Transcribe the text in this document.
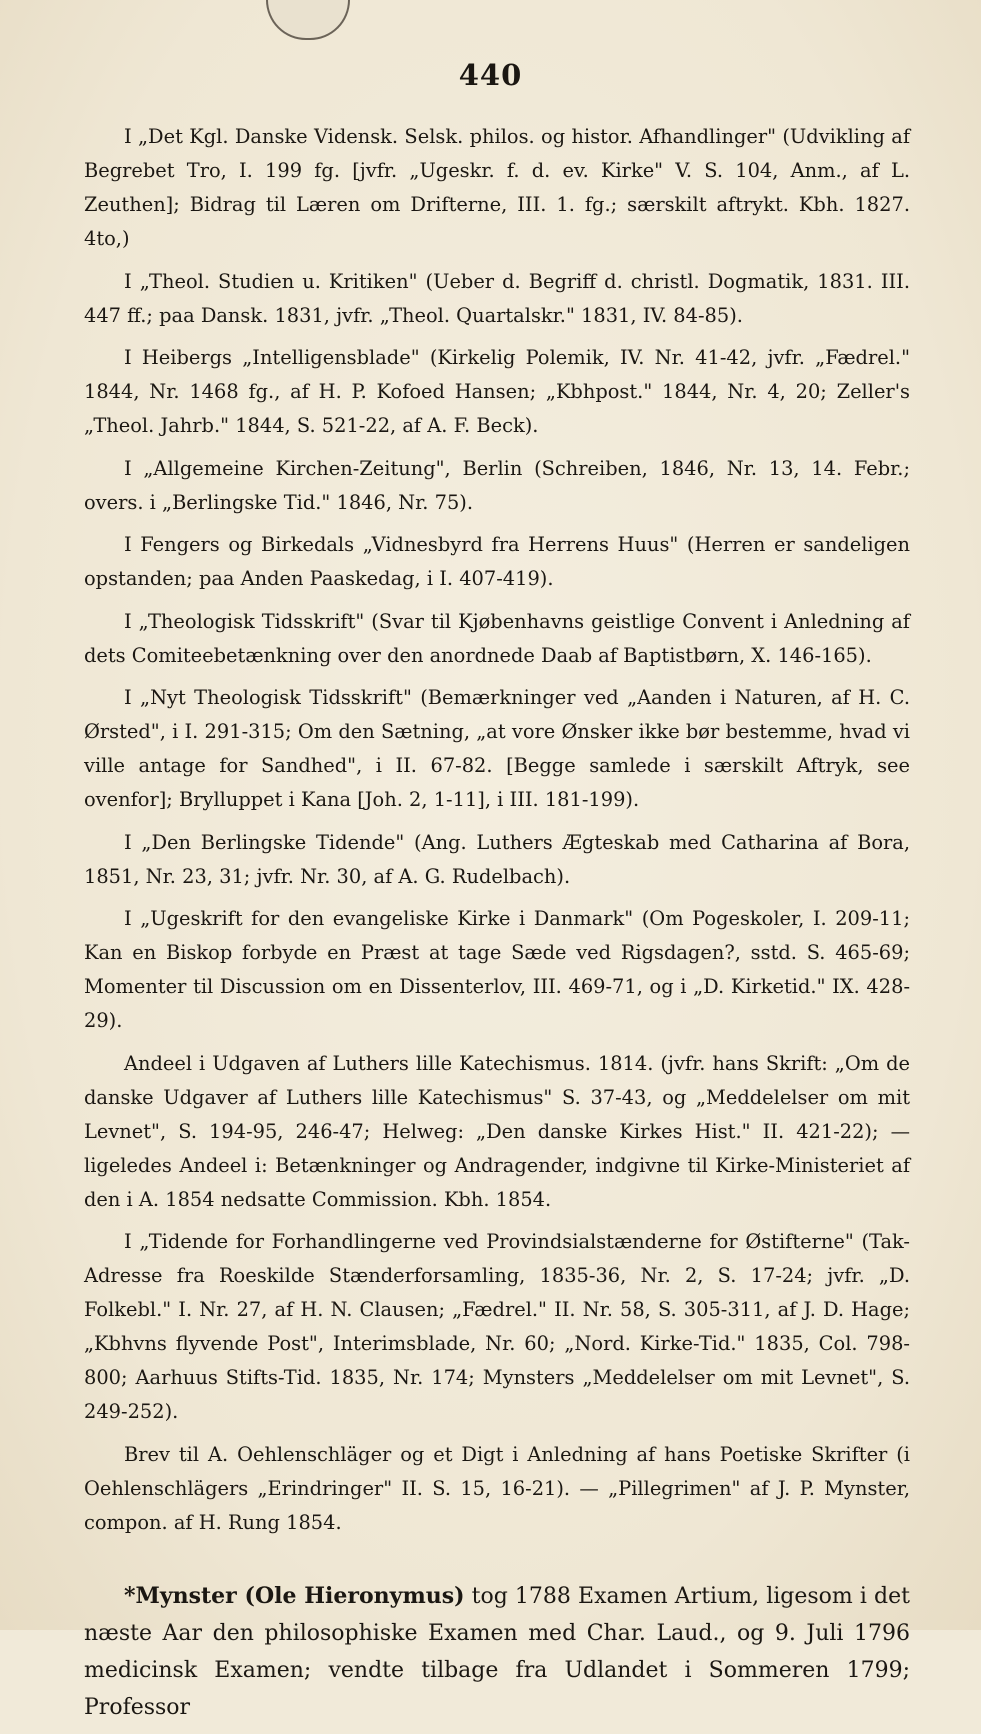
440

I „Det Kgl. Danske Vidensk. Selsk. philos. og histor. Afhandlinger" (Udvikling af Begrebet Tro, I. 199 fg. [jvfr. „Ugeskr. f. d. ev. Kirke" V. S. 104, Anm., af L. Zeuthen]; Bidrag til Læren om Drifterne, III. 1. fg.; særskilt aftrykt. Kbh. 1827. 4to,)

I „Theol. Studien u. Kritiken" (Ueber d. Begriff d. christl. Dogmatik, 1831. III. 447 ff.; paa Dansk. 1831, jvfr. „Theol. Quartalskr." 1831, IV. 84-85).

I Heibergs „Intelligensblade" (Kirkelig Polemik, IV. Nr. 41-42, jvfr. „Fædrel." 1844, Nr. 1468 fg., af H. P. Kofoed Hansen; „Kbhpost." 1844, Nr. 4, 20; Zeller's „Theol. Jahrb." 1844, S. 521-22, af A. F. Beck).

I „Allgemeine Kirchen-Zeitung", Berlin (Schreiben, 1846, Nr. 13, 14. Febr.; overs. i „Berlingske Tid." 1846, Nr. 75).

I Fengers og Birkedals „Vidnesbyrd fra Herrens Huus" (Herren er sandeligen opstanden; paa Anden Paaskedag, i I. 407-419).

I „Theologisk Tidsskrift" (Svar til Kjøbenhavns geistlige Convent i Anledning af dets Comiteebetænkning over den anordnede Daab af Baptistbørn, X. 146-165).

I „Nyt Theologisk Tidsskrift" (Bemærkninger ved „Aanden i Naturen, af H. C. Ørsted", i I. 291-315; Om den Sætning, „at vore Ønsker ikke bør bestemme, hvad vi ville antage for Sandhed", i II. 67-82. [Begge samlede i særskilt Aftryk, see ovenfor]; Brylluppet i Kana [Joh. 2, 1-11], i III. 181-199).

I „Den Berlingske Tidende" (Ang. Luthers Ægteskab med Catharina af Bora, 1851, Nr. 23, 31; jvfr. Nr. 30, af A. G. Rudelbach).

I „Ugeskrift for den evangeliske Kirke i Danmark" (Om Pogeskoler, I. 209-11; Kan en Biskop forbyde en Præst at tage Sæde ved Rigsdagen?, sstd. S. 465-69; Momenter til Discussion om en Dissenterlov, III. 469-71, og i „D. Kirketid." IX. 428-29).

Andeel i Udgaven af Luthers lille Katechismus. 1814. (jvfr. hans Skrift: „Om de danske Udgaver af Luthers lille Katechismus" S. 37-43, og „Meddelelser om mit Levnet", S. 194-95, 246-47; Helweg: „Den danske Kirkes Hist." II. 421-22); — ligeledes Andeel i: Betænkninger og Andragender, indgivne til Kirke-Ministeriet af den i A. 1854 nedsatte Commission. Kbh. 1854.

I „Tidende for Forhandlingerne ved Provindsialstænderne for Østifterne" (Tak-Adresse fra Roeskilde Stænderforsamling, 1835-36, Nr. 2, S. 17-24; jvfr. „D. Folkebl." I. Nr. 27, af H. N. Clausen; „Fædrel." II. Nr. 58, S. 305-311, af J. D. Hage; „Kbhvns flyvende Post", Interimsblade, Nr. 60; „Nord. Kirke-Tid." 1835, Col. 798-800; Aarhuus Stifts-Tid. 1835, Nr. 174; Mynsters „Meddelelser om mit Levnet", S. 249-252).

Brev til A. Oehlenschläger og et Digt i Anledning af hans Poetiske Skrifter (i Oehlenschlägers „Erindringer" II. S. 15, 16-21). — „Pillegrimen" af J. P. Mynster, compon. af H. Rung 1854.

*Mynster (Ole Hieronymus) tog 1788 Examen Artium, ligesom i det næste Aar den philosophiske Examen med Char. Laud., og 9. Juli 1796 medicinsk Examen; vendte tilbage fra Udlandet i Sommeren 1799; Professor
